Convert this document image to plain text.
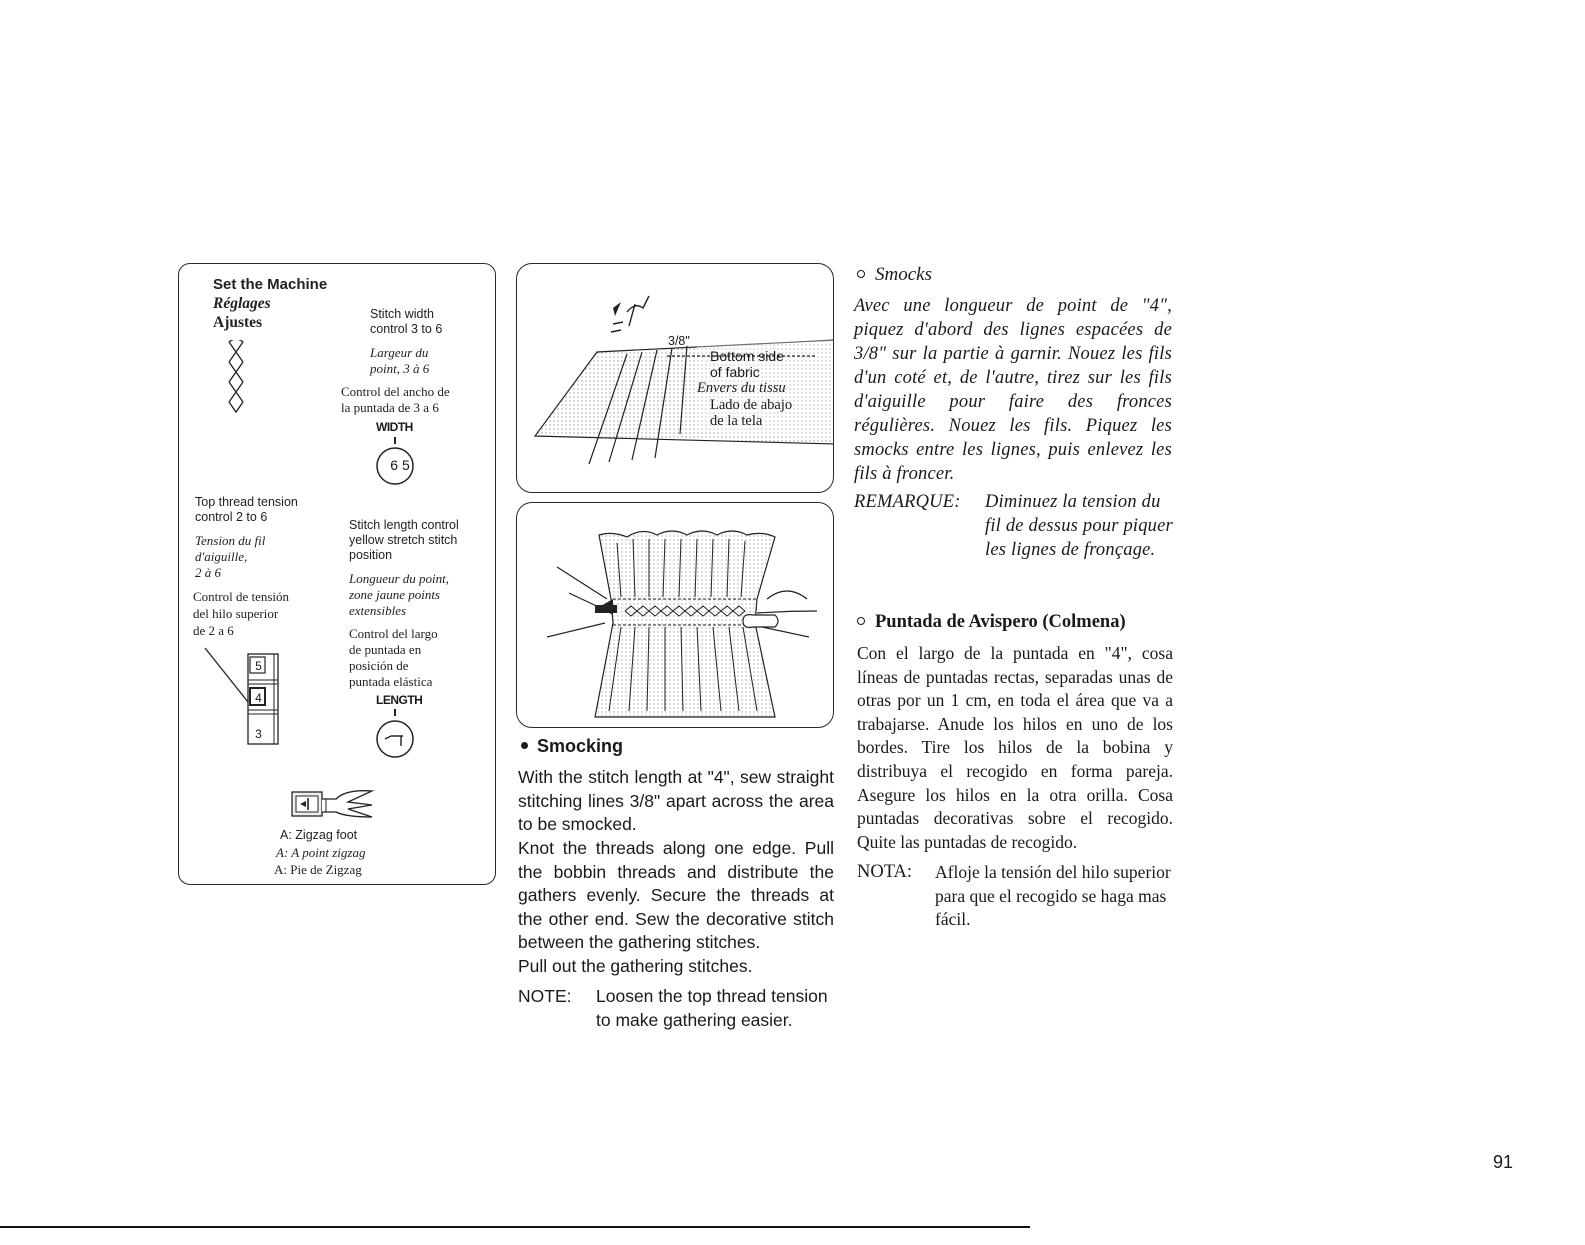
Set the Machine
Réglages
Ajustes	Stitch width
control 3 to 6
Largeur du
point, 3 à 6
Control del ancho de
la puntada de 3 a 6
WIDTH
6 5
Top thread tension
control 2 to 6
Tension du fil
d'aiguille,
2 à 6
Control de tensión
del hilo superior
de 2 a 6
5
4
3
Stitch length control
yellow stretch stitch
position
Longueur du point,
zone jaune points
extensibles
Control del largo
de puntada en
posición de
puntada elástica
LENGTH
A: Zigzag foot
A: A point zigzag
A: Pie de Zigzag
3/8"
Bottom side
of fabric
Envers du tissu
Lado de abajo
de la tela
Smocking

With the stitch length at "4", sew straight stitching lines 3/8" apart across the area to be smocked.

Knot the threads along one edge. Pull the bobbin threads and distribute the gathers evenly. Secure the threads at the other end. Sew the decorative stitch between the gathering stitches.

Pull out the gathering stitches.

NOTE: Loosen the top thread tension to make gathering easier.

Smocks

Avec une longueur de point de "4", piquez d'abord des lignes espacées de 3/8" sur la partie à garnir. Nouez les fils d'un coté et, de l'autre, tirez sur les fils d'aiguille pour faire des fronces régulières. Nouez les fils. Piquez les smocks entre les lignes, puis enlevez les fils à froncer.

REMARQUE: Diminuez la tension du fil de dessus pour piquer les lignes de fronçage.

Puntada de Avispero (Colmena)

Con el largo de la puntada en "4", cosa líneas de puntadas rectas, separadas unas de otras por un 1 cm, en toda el área que va a trabajarse. Anude los hilos en uno de los bordes. Tire los hilos de la bobina y distribuya el recogido en forma pareja. Asegure los hilos en la otra orilla. Cosa puntadas decorativas sobre el recogido. Quite las puntadas de recogido.

NOTA: Afloje la tensión del hilo superior para que el recogido se haga mas fácil.

91
